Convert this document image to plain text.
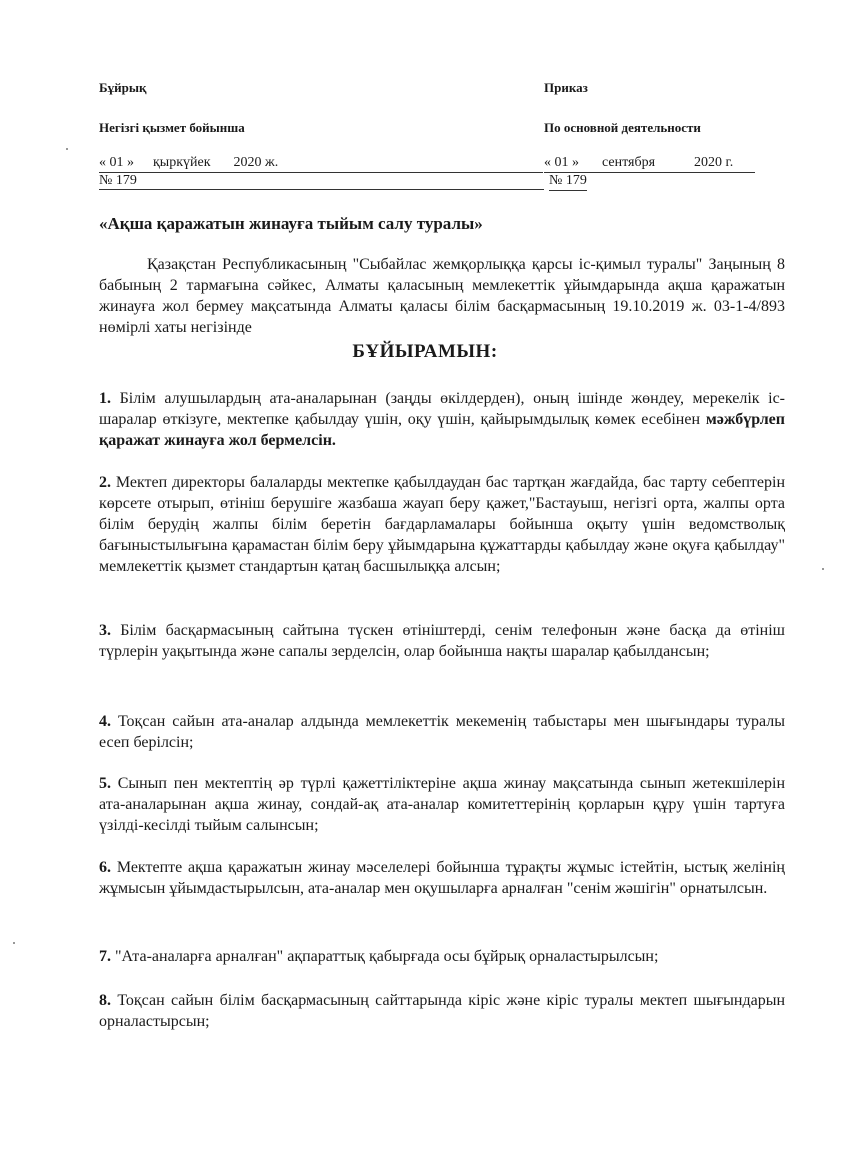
Бұйрық	Приказ
Негізгі қызмет бойынша	По основной деятельности
« 01 » қыркүйек 2020 ж.	« 01 » сентября	2020 г.
№ 179	№ 179
«Ақша қаражатын жинауға тыйым салу туралы»
Қазақстан Республикасының "Сыбайлас жемқорлыққа қарсы іс-қимыл туралы" Заңының 8 бабының 2 тармағына сәйкес, Алматы қаласының мемлекеттік ұйымдарында ақша қаражатын жинауға жол бермеу мақсатында Алматы қаласы білім басқармасының 19.10.2019 ж. 03-1-4/893 нөмірлі хаты негізінде
БҰЙЫРАМЫН:
1. Білім алушылардың ата-аналарынан (заңды өкілдерден), оның ішінде жөндеу, мерекелік іс-шаралар өткізуге, мектепке қабылдау үшін, оқу үшін, қайырымдылық көмек есебінен мәжбүрлеп қаражат жинауға жол бермелсін.
2. Мектеп директоры балаларды мектепке қабылдаудан бас тартқан жағдайда, бас тарту себептерін көрсете отырып, өтініш берушіге жазбаша жауап беру қажет,"Бастауыш, негізгі орта, жалпы орта білім берудің жалпы білім беретін бағдарламалары бойынша оқыту үшін ведомстволық бағыныстылығына қарамастан білім беру ұйымдарына құжаттарды қабылдау және оқуға қабылдау" мемлекеттік қызмет стандартын қатаң басшылыққа алсын;
3. Білім басқармасының сайтына түскен өтініштерді, сенім телефонын және басқа да өтініш түрлерін уақытында және сапалы зерделсін, олар бойынша нақты шаралар қабылдансын;
4. Тоқсан сайын ата-аналар алдында мемлекеттік мекеменің табыстары мен шығындары туралы есеп берілсін;
5. Сынып пен мектептің әр түрлі қажеттіліктеріне ақша жинау мақсатында сынып жетекшілерін ата-аналарынан ақша жинау, сондай-ақ ата-аналар комитеттерінің қорларын құру үшін тартуға үзілді-кесілді тыйым салынсын;
6. Мектепте ақша қаражатын жинау мәселелері бойынша тұрақты жұмыс істейтін, ыстық желінің жұмысын ұйымдастырылсын, ата-аналар мен оқушыларға арналған "сенім жәшігін" орнатылсын.
7. "Ата-аналарға арналған" ақпараттық қабырғада осы бұйрық орналастырылсын;
8. Тоқсан сайын білім басқармасының сайттарында кіріс және кіріс туралы мектеп шығындарын орналастырсын;
